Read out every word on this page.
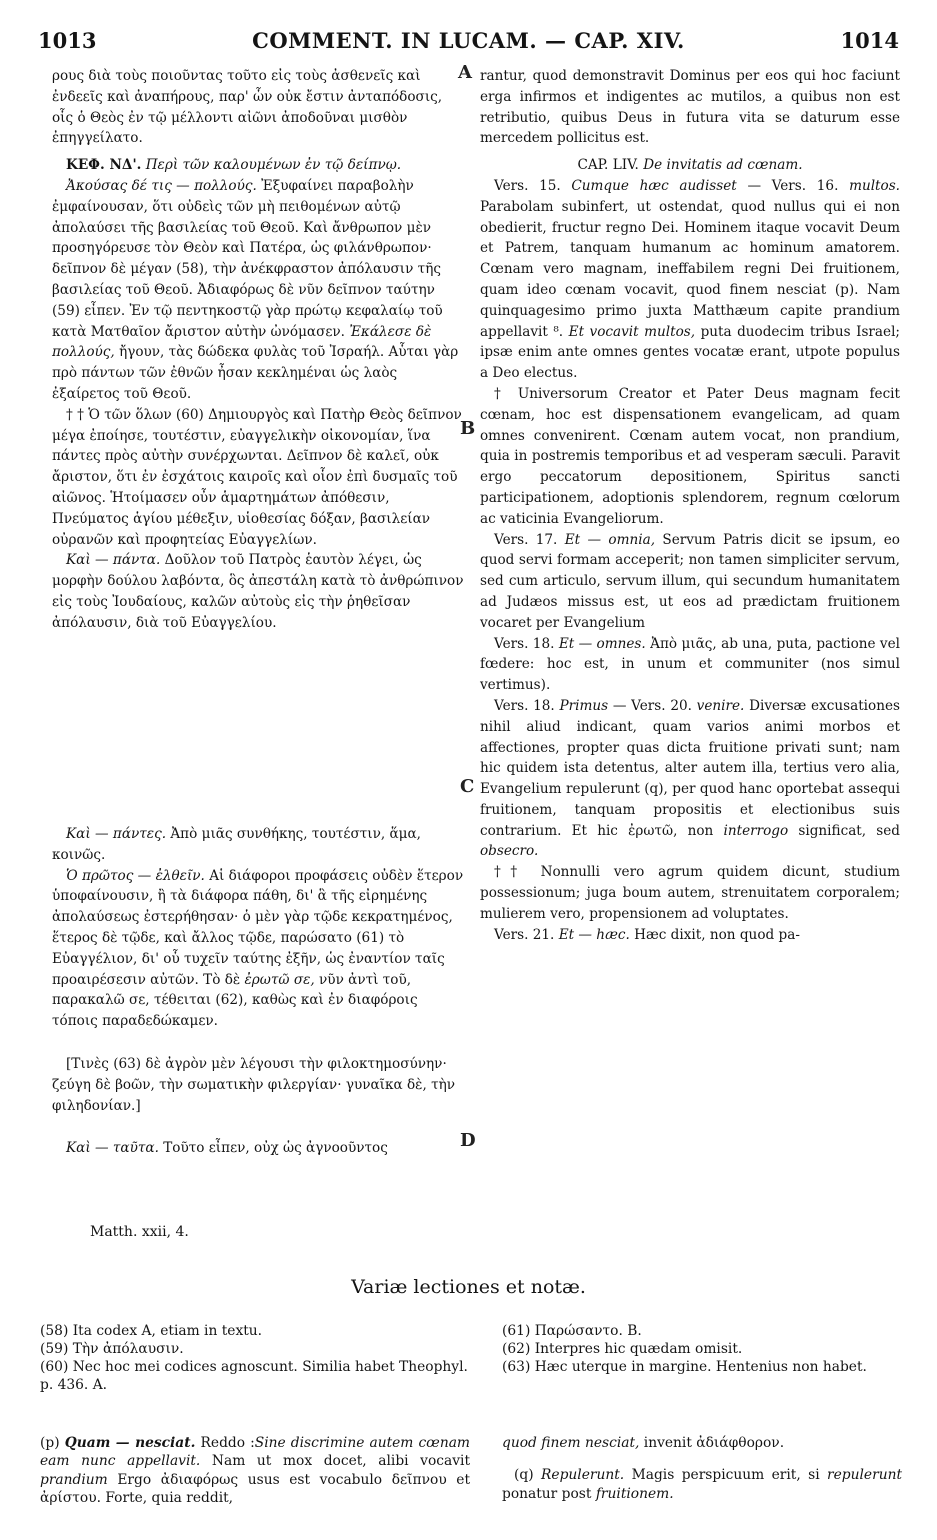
1013	COMMENT. IN LUCAM. — CAP. XIV.	1014

ρους διὰ τοὺς ποιοῦντας τοῦτο εἰς τοὺς ἀσθενεῖς καὶ ἐνδεεῖς καὶ ἀναπήρους, παρ' ὧν οὐκ ἔστιν ἀνταπόδοσις, οἷς ὁ Θεὸς ἐν τῷ μέλλοντι αἰῶνι ἀποδοῦναι μισθὸν ἐπηγγείλατο.

ΚΕΦ. ΝΔ'. Περὶ τῶν καλουμένων ἐν τῷ δείπνῳ.

Ἀκούσας δέ τις — πολλούς. Ἐξυφαίνει παραβολὴν ἐμφαίνουσαν, ὅτι οὐδεὶς τῶν μὴ πειθομένων αὐτῷ ἀπολαύσει τῆς βασιλείας τοῦ Θεοῦ. Καὶ ἄνθρωπον μὲν προσηγόρευσε τὸν Θεὸν καὶ Πατέρα, ὡς φιλάνθρωπον· δεῖπνον δὲ μέγαν (58), τὴν ἀνέκφραστον ἀπόλαυσιν τῆς βασιλείας τοῦ Θεοῦ. Ἀδιαφόρως δὲ νῦν δεῖπνον ταύτην (59) εἶπεν. Ἐν τῷ πεντηκοστῷ γὰρ πρώτῳ κεφαλαίῳ τοῦ κατὰ Ματθαῖον ἄριστον αὐτὴν ὠνόμασεν. Ἐκάλεσε δὲ πολλούς, ἤγουν, τὰς δώδεκα φυλὰς τοῦ Ἰσραήλ. Αὗται γὰρ πρὸ πάντων τῶν ἐθνῶν ἦσαν κεκλημέναι ὡς λαὸς ἐξαίρετος τοῦ Θεοῦ.

† † Ὁ τῶν ὅλων (60) Δημιουργὸς καὶ Πατὴρ Θεὸς δεῖπνον μέγα ἐποίησε, τουτέστιν, εὐαγγελικὴν οἰκονομίαν, ἵνα πάντες πρὸς αὐτὴν συνέρχωνται. Δεῖπνον δὲ καλεῖ, οὐκ ἄριστον, ὅτι ἐν ἐσχάτοις καιροῖς καὶ οἷον ἐπὶ δυσμαῖς τοῦ αἰῶνος. Ἡτοίμασεν οὖν ἁμαρτημάτων ἀπόθεσιν, Πνεύματος ἁγίου μέθεξιν, υἱοθεσίας δόξαν, βασιλείαν οὐρανῶν καὶ προφητείας Εὐαγγελίων.

Καὶ — πάντα. Δοῦλον τοῦ Πατρὸς ἑαυτὸν λέγει, ὡς μορφὴν δούλου λαβόντα, ὃς ἀπεστάλη κατὰ τὸ ἀνθρώπινον εἰς τοὺς Ἰουδαίους, καλῶν αὐτοὺς εἰς τὴν ῥηθεῖσαν ἀπόλαυσιν, διὰ τοῦ Εὐαγγελίου.

Καὶ — πάντες. Ἀπὸ μιᾶς συνθήκης, τουτέστιν, ἅμα, κοινῶς.

Ὁ πρῶτος — ἐλθεῖν. Αἱ διάφοροι προφάσεις οὐδὲν ἕτερον ὑποφαίνουσιν, ἢ τὰ διάφορα πάθη, δι' ἃ τῆς εἰρημένης ἀπολαύσεως ἐστερήθησαν· ὁ μὲν γὰρ τῷδε κεκρατημένος, ἕτερος δὲ τῷδε, καὶ ἄλλος τῷδε, παρώσατο (61) τὸ Εὐαγγέλιον, δι' οὗ τυχεῖν ταύτης ἐξῆν, ὡς ἐναντίον ταῖς προαιρέσεσιν αὐτῶν. Τὸ δὲ ἐρωτῶ σε, νῦν ἀντὶ τοῦ, παρακαλῶ σε, τέθειται (62), καθὼς καὶ ἐν διαφόροις τόποις παραδεδώκαμεν.

[Τινὲς (63) δὲ ἀγρὸν μὲν λέγουσι τὴν φιλοκτημοσύνην· ζεύγη δὲ βοῶν, τὴν σωματικὴν φιλεργίαν· γυναῖκα δὲ, τὴν φιληδονίαν.]

Καὶ — ταῦτα. Τοῦτο εἶπεν, οὐχ ὡς ἀγνοοῦντος

rantur, quod demonstravit Dominus per eos qui hoc faciunt erga infirmos et indigentes ac mutilos, a quibus non est retributio, quibus Deus in futura vita se daturum esse mercedem pollicitus est.

CAP. LIV. De invitatis ad cœnam.

Vers. 15. Cumque hæc audisset — Vers. 16. multos. Parabolam subinfert, ut ostendat, quod nullus qui ei non obedierit, fructur regno Dei. Hominem itaque vocavit Deum et Patrem, tanquam humanum ac hominum amatorem. Cœnam vero magnam, ineffabilem regni Dei fruitionem, quam ideo cœnam vocavit, quod finem nesciat (p). Nam quinquagesimo primo juxta Matthæum capite prandium appellavit ⁸. Et vocavit multos, puta duodecim tribus Israel; ipsæ enim ante omnes gentes vocatæ erant, utpote populus a Deo electus.

† Universorum Creator et Pater Deus magnam fecit cœnam, hoc est dispensationem evangelicam, ad quam omnes convenirent. Cœnam autem vocat, non prandium, quia in postremis temporibus et ad vesperam sæculi. Paravit ergo peccatorum depositionem, Spiritus sancti participationem, adoptionis splendorem, regnum cœlorum ac vaticinia Evangeliorum.

Vers. 17. Et — omnia, Servum Patris dicit se ipsum, eo quod servi formam acceperit; non tamen simpliciter servum, sed cum articulo, servum illum, qui secundum humanitatem ad Judæos missus est, ut eos ad prædictam fruitionem vocaret per Evangelium

Vers. 18. Et — omnes. Ἀπὸ μιᾶς, ab una, puta, pactione vel fœdere: hoc est, in unum et communiter (nos simul vertimus).

Vers. 18. Primus — Vers. 20. venire. Diversæ excusationes nihil aliud indicant, quam varios animi morbos et affectiones, propter quas dicta fruitione privati sunt; nam hic quidem ista detentus, alter autem illa, tertius vero alia, Evangelium repulerunt (q), per quod hanc oportebat assequi fruitionem, tanquam propositis et electionibus suis contrarium. Et hic ἐρωτῶ, non interrogo significat, sed obsecro.

†† Nonnulli vero agrum quidem dicunt, studium possessionum; juga boum autem, strenuitatem corporalem; mulierem vero, propensionem ad voluptates.

Vers. 21. Et — hæc. Hæc dixit, non quod pa-

A
B
C
D
Matth. xxii, 4.
Variæ lectiones et notæ.

(58) Ita codex A, etiam in textu.

(59) Τὴν ἀπόλαυσιν.

(60) Nec hoc mei codices agnoscunt. Similia habet Theophyl. p. 436. A.

(61) Παρώσαντο. B.

(62) Interpres hic quædam omisit.

(63) Hæc uterque in margine. Hentenius non habet.

(p) Quam — nesciat. Reddo :Sine discrimine autem cœnam eam nunc appellavit. Nam ut mox docet, alibi vocavit prandium Ergo ἀδιαφόρως usus est vocabulo δεῖπνου et ἀρίστου. Forte, quia reddit,

quod finem nesciat, invenit ἀδιάφθορον.

(q) Repulerunt. Magis perspicuum erit, si repulerunt ponatur post fruitionem.
